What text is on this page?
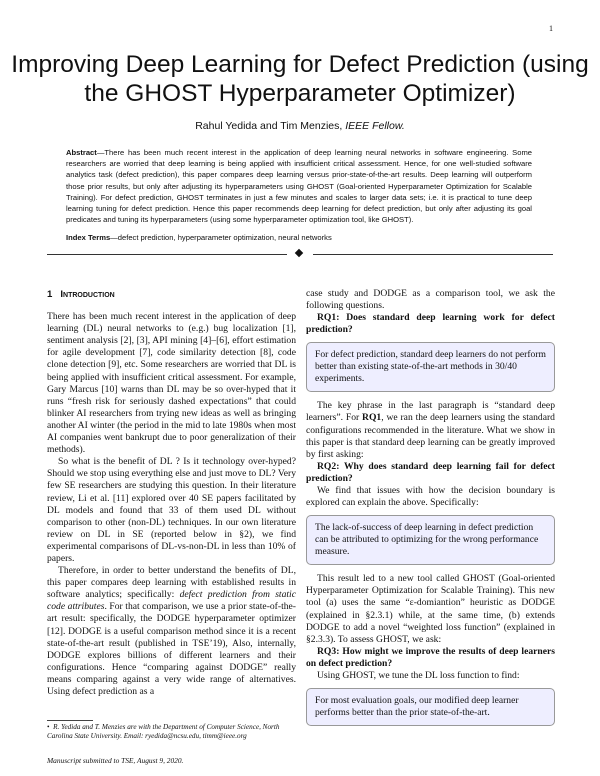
1
Improving Deep Learning for Defect Prediction (using the GHOST Hyperparameter Optimizer)
Rahul Yedida and Tim Menzies, IEEE Fellow.
Abstract—There has been much recent interest in the application of deep learning neural networks in software engineering. Some researchers are worried that deep learning is being applied with insufficient critical assessment. Hence, for one well-studied software analytics task (defect prediction), this paper compares deep learning versus prior-state-of-the-art results. Deep learning will outperform those prior results, but only after adjusting its hyperparameters using GHOST (Goal-oriented Hyperparameter Optimization for Scalable Training). For defect prediction, GHOST terminates in just a few minutes and scales to larger data sets; i.e. it is practical to tune deep learning tuning for defect prediction. Hence this paper recommends deep learning for defect prediction, but only after adjusting its goal predicates and tuning its hyperparameters (using some hyperparameter optimization tool, like GHOST).
Index Terms—defect prediction, hyperparameter optimization, neural networks
1 Introduction

There has been much recent interest in the application of deep learning (DL) neural networks to (e.g.) bug localization [1], sentiment analysis [2], [3], API mining [4]–[6], effort estimation for agile development [7], code similarity detection [8], code clone detection [9], etc. Some researchers are worried that DL is being applied with insufficient critical assessment. For example, Gary Marcus [10] warns than DL may be so over-hyped that it runs “fresh risk for seriously dashed expectations” that could blinker AI researchers from trying new ideas as well as bringing another AI winter (the period in the mid to late 1980s when most AI companies went bankrupt due to poor generalization of their methods).

So what is the benefit of DL ? Is it technology over-hyped? Should we stop using everything else and just move to DL? Very few SE researchers are studying this question. In their literature review, Li et al. [11] explored over 40 SE papers facilitated by DL models and found that 33 of them used DL without comparison to other (non-DL) techniques. In our own literature review on DL in SE (reported below in §2), we find experimental comparisons of DL-vs-non-DL in less than 10% of papers.

Therefore, in order to better understand the benefits of DL, this paper compares deep learning with established results in software analytics; specifically: defect prediction from static code attributes. For that comparison, we use a prior state-of-the-art result: specifically, the DODGE hyperparameter optimizer [12]. DODGE is a useful comparison method since it is a recent state-of-the-art result (published in TSE’19), Also, internally, DODGE explores billions of different learners and their configurations. Hence “comparing against DODGE” really means comparing against a very wide range of alternatives. Using defect prediction as a

case study and DODGE as a comparison tool, we ask the following questions.

RQ1: Does standard deep learning work for defect prediction?

For defect prediction, standard deep learners do not perform better than existing state-of-the-art methods in 30/40 experiments.

The key phrase in the last paragraph is “standard deep learners”. For RQ1, we ran the deep learners using the standard configurations recommended in the literature. What we show in this paper is that standard deep learning can be greatly improved by first asking:

RQ2: Why does standard deep learning fail for defect prediction?

We find that issues with how the decision boundary is explored can explain the above. Specifically:

The lack-of-success of deep learning in defect prediction can be attributed to optimizing for the wrong performance measure.

This result led to a new tool called GHOST (Goal-oriented Hyperparameter Optimization for Scalable Training). This new tool (a) uses the same “ε-domiantion” heuristic as DODGE (explained in §2.3.1) while, at the same time, (b) extends DODGE to add a novel “weighted loss function” (explained in §2.3.3). To assess GHOST, we ask:

RQ3: How might we improve the results of deep learners on defect prediction?

Using GHOST, we tune the DL loss function to find:

For most evaluation goals, our modified deep learner performs better than the prior state-of-the-art.
•  R. Yedida and T. Menzies are with the Department of Computer Science, North Carolina State University. Email: ryedida@ncsu.edu, timm@ieee.org
Manuscript submitted to TSE, August 9, 2020.
